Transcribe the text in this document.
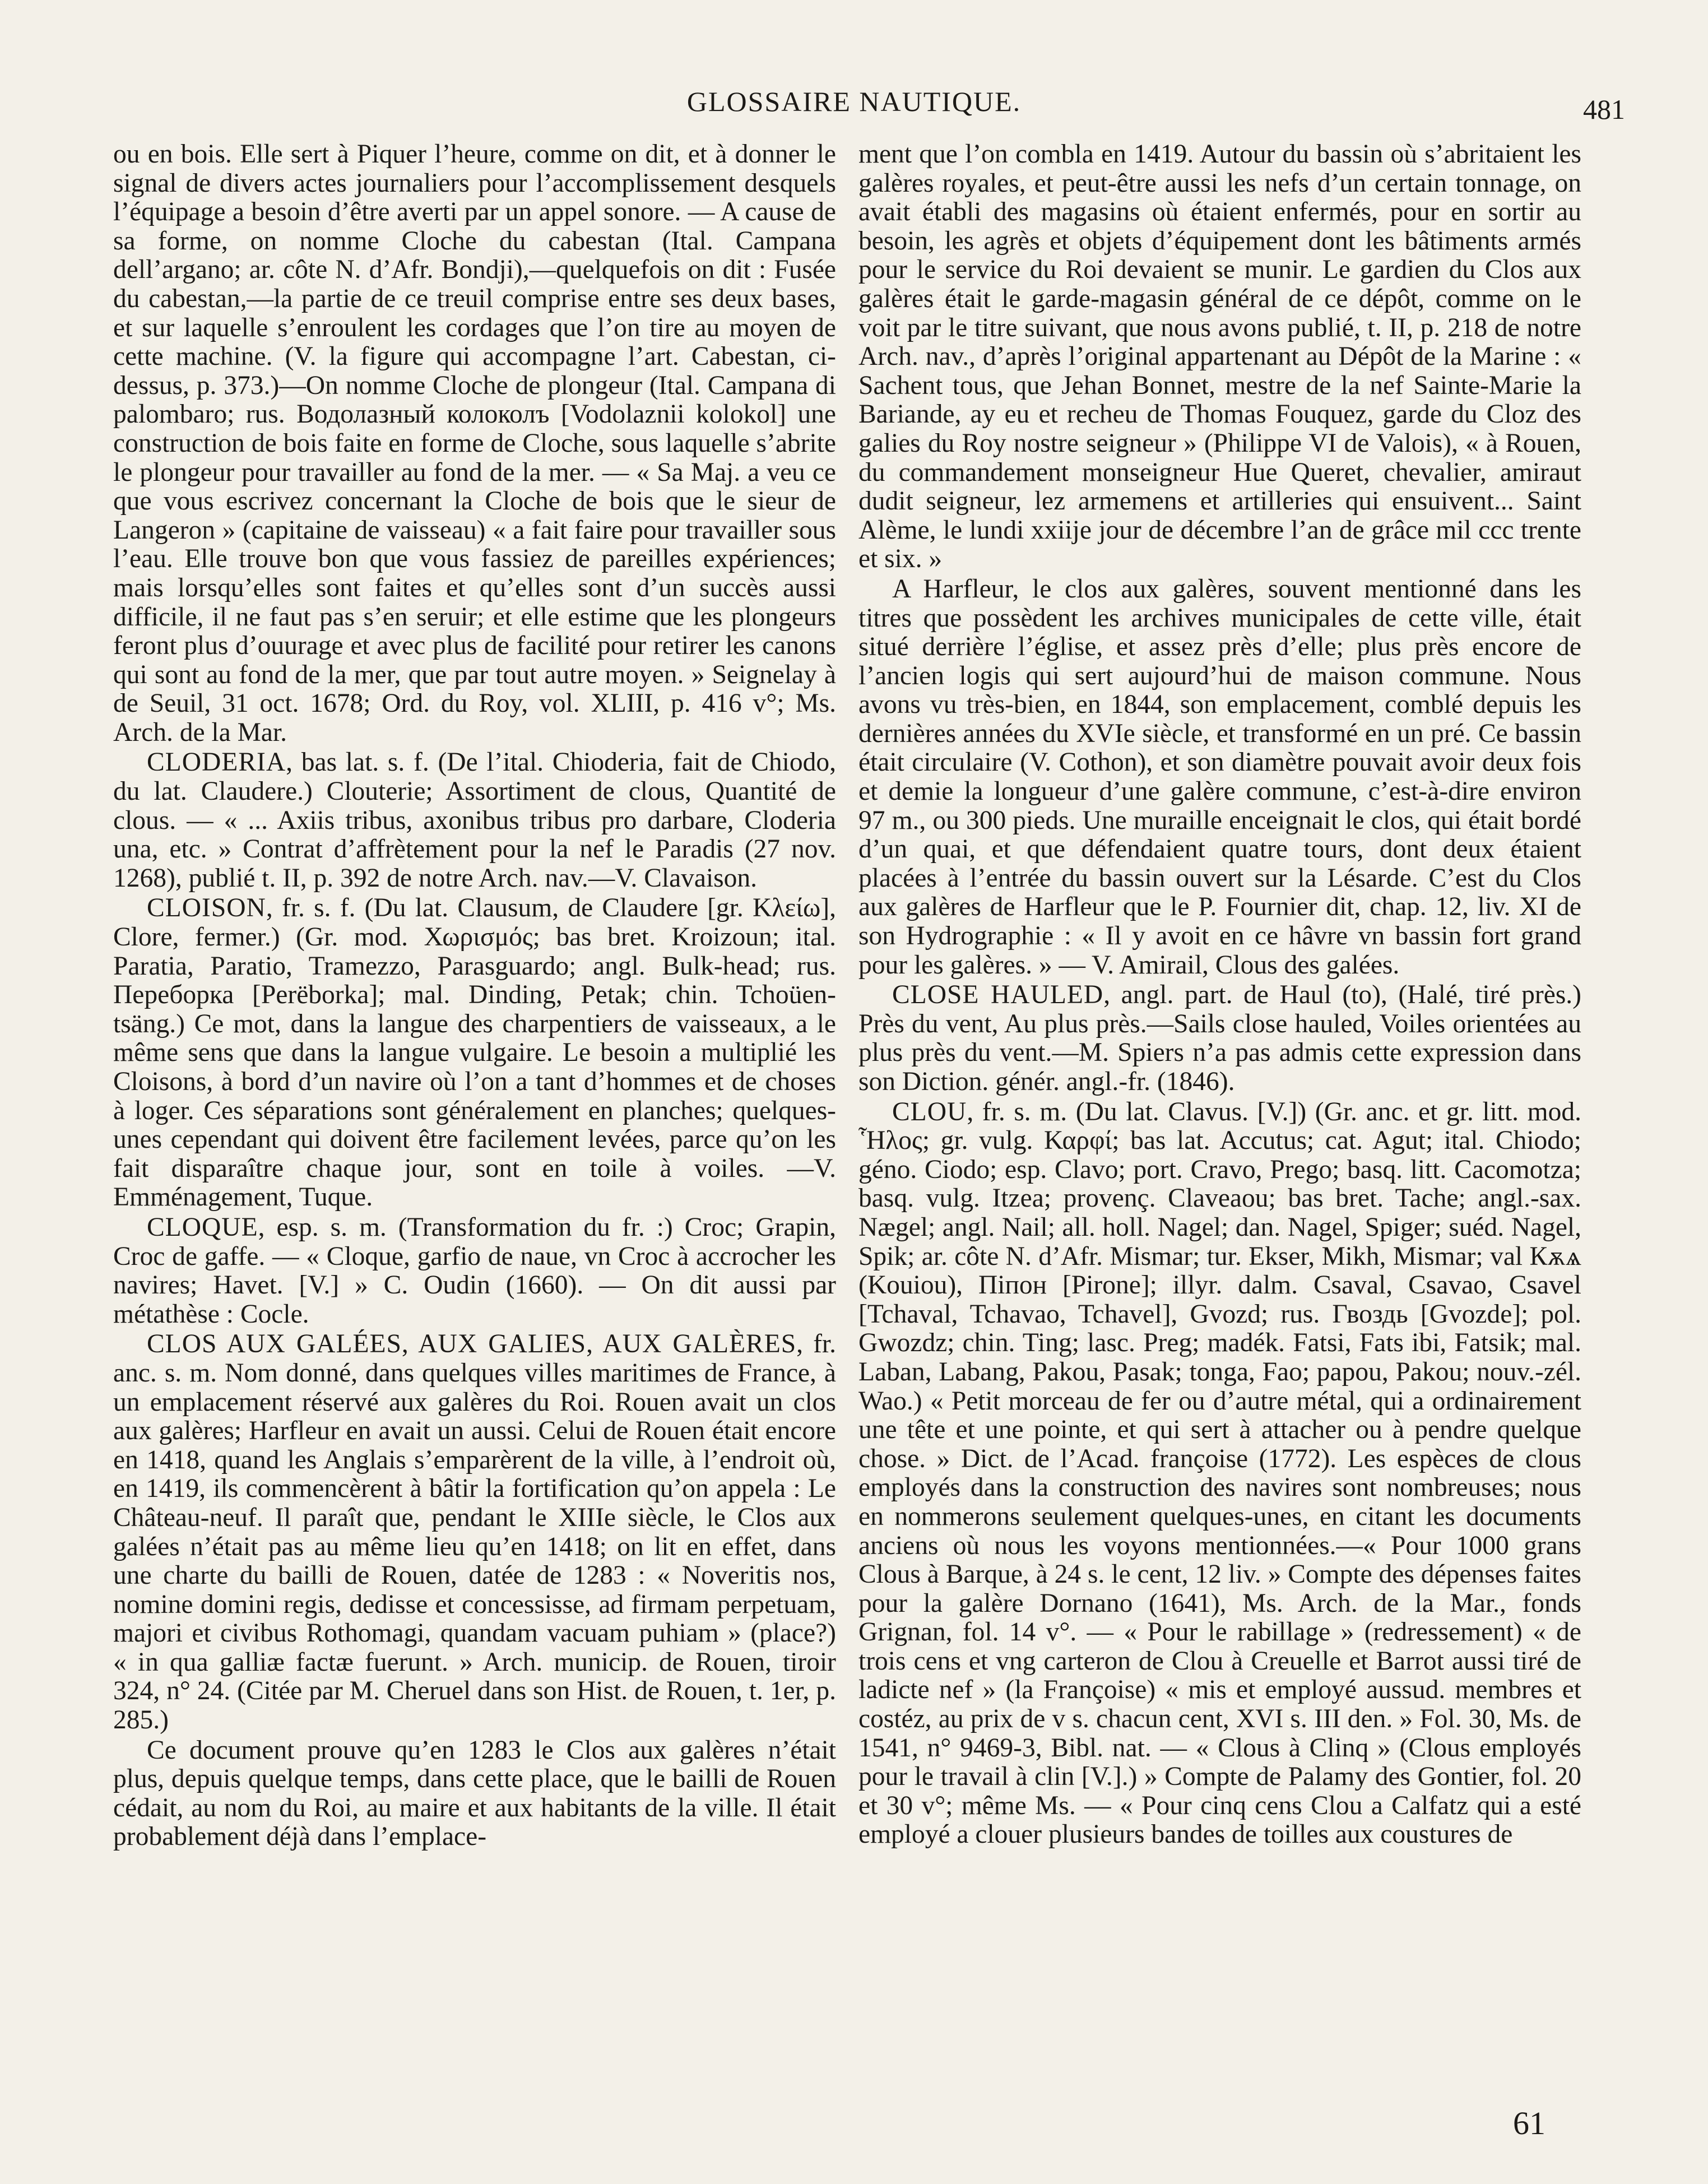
GLOSSAIRE NAUTIQUE.	481

ou en bois. Elle sert à Piquer l’heure, comme on dit, et à donner le signal de divers actes journaliers pour l’accomplissement desquels l’équipage a besoin d’être averti par un appel sonore. — A cause de sa forme, on nomme Cloche du cabestan (Ital. Campana dell’argano; ar. côte N. d’Afr. Bondji),—quelquefois on dit : Fusée du cabestan,—la partie de ce treuil comprise entre ses deux bases, et sur laquelle s’enroulent les cordages que l’on tire au moyen de cette machine. (V. la figure qui accompagne l’art. Cabestan, ci-dessus, p. 373.)—On nomme Cloche de plongeur (Ital. Campana di palombaro; rus. Водолазный колоколъ [Vodolaznii kolokol] une construction de bois faite en forme de Cloche, sous laquelle s’abrite le plongeur pour travailler au fond de la mer. — « Sa Maj. a veu ce que vous escrivez concernant la Cloche de bois que le sieur de Langeron » (capitaine de vaisseau) « a fait faire pour travailler sous l’eau. Elle trouve bon que vous fassiez de pareilles expériences; mais lorsqu’elles sont faites et qu’elles sont d’un succès aussi difficile, il ne faut pas s’en seruir; et elle estime que les plongeurs feront plus d’ouurage et avec plus de facilité pour retirer les canons qui sont au fond de la mer, que par tout autre moyen. » Seignelay à de Seuil, 31 oct. 1678; Ord. du Roy, vol. XLIII, p. 416 v°; Ms. Arch. de la Mar.

CLODERIA, bas lat. s. f. (De l’ital. Chioderia, fait de Chiodo, du lat. Claudere.) Clouterie; Assortiment de clous, Quantité de clous. — « ... Axiis tribus, axonibus tribus pro darbare, Cloderia una, etc. » Contrat d’affrètement pour la nef le Paradis (27 nov. 1268), publié t. II, p. 392 de notre Arch. nav.—V. Clavaison.

CLOISON, fr. s. f. (Du lat. Clausum, de Claudere [gr. Κλείω], Clore, fermer.) (Gr. mod. Χωρισμός; bas bret. Kroizoun; ital. Paratia, Paratio, Tramezzo, Parasguardo; angl. Bulk-head; rus. Переборка [Perëborka]; mal. Dinding, Petak; chin. Tchoüen-tsäng.) Ce mot, dans la langue des charpentiers de vaisseaux, a le même sens que dans la langue vulgaire. Le besoin a multiplié les Cloisons, à bord d’un navire où l’on a tant d’hommes et de choses à loger. Ces séparations sont généralement en planches; quelques-unes cependant qui doivent être facilement levées, parce qu’on les fait disparaître chaque jour, sont en toile à voiles. —V. Emménagement, Tuque.

CLOQUE, esp. s. m. (Transformation du fr. :) Croc; Grapin, Croc de gaffe. — « Cloque, garfio de naue, vn Croc à accrocher les navires; Havet. [V.] » C. Oudin (1660). — On dit aussi par métathèse : Cocle.

CLOS AUX GALÉES, AUX GALIES, AUX GALÈRES, fr. anc. s. m. Nom donné, dans quelques villes maritimes de France, à un emplacement réservé aux galères du Roi. Rouen avait un clos aux galères; Harfleur en avait un aussi. Celui de Rouen était encore en 1418, quand les Anglais s’emparèrent de la ville, à l’endroit où, en 1419, ils commencèrent à bâtir la fortification qu’on appela : Le Château-neuf. Il paraît que, pendant le XIIIe siècle, le Clos aux galées n’était pas au même lieu qu’en 1418; on lit en effet, dans une charte du bailli de Rouen, datée de 1283 : « Noveritis nos, nomine domini regis, dedisse et concessisse, ad firmam perpetuam, majori et civibus Rothomagi, quandam vacuam puhiam » (place?) « in qua galliæ factæ fuerunt. » Arch. municip. de Rouen, tiroir 324, n° 24. (Citée par M. Cheruel dans son Hist. de Rouen, t. 1er, p. 285.)

Ce document prouve qu’en 1283 le Clos aux galères n’était plus, depuis quelque temps, dans cette place, que le bailli de Rouen cédait, au nom du Roi, au maire et aux habitants de la ville. Il était probablement déjà dans l’emplace-

ment que l’on combla en 1419. Autour du bassin où s’abritaient les galères royales, et peut-être aussi les nefs d’un certain tonnage, on avait établi des magasins où étaient enfermés, pour en sortir au besoin, les agrès et objets d’équipement dont les bâtiments armés pour le service du Roi devaient se munir. Le gardien du Clos aux galères était le garde-magasin général de ce dépôt, comme on le voit par le titre suivant, que nous avons publié, t. II, p. 218 de notre Arch. nav., d’après l’original appartenant au Dépôt de la Marine : « Sachent tous, que Jehan Bonnet, mestre de la nef Sainte-Marie la Bariande, ay eu et recheu de Thomas Fouquez, garde du Cloz des galies du Roy nostre seigneur » (Philippe VI de Valois), « à Rouen, du commandement monseigneur Hue Queret, chevalier, amiraut dudit seigneur, lez armemens et artilleries qui ensuivent... Saint Alème, le lundi xxiije jour de décembre l’an de grâce mil ccc trente et six. »

A Harfleur, le clos aux galères, souvent mentionné dans les titres que possèdent les archives municipales de cette ville, était situé derrière l’église, et assez près d’elle; plus près encore de l’ancien logis qui sert aujourd’hui de maison commune. Nous avons vu très-bien, en 1844, son emplacement, comblé depuis les dernières années du XVIe siècle, et transformé en un pré. Ce bassin était circulaire (V. Cothon), et son diamètre pouvait avoir deux fois et demie la longueur d’une galère commune, c’est-à-dire environ 97 m., ou 300 pieds. Une muraille enceignait le clos, qui était bordé d’un quai, et que défendaient quatre tours, dont deux étaient placées à l’entrée du bassin ouvert sur la Lésarde. C’est du Clos aux galères de Harfleur que le P. Fournier dit, chap. 12, liv. XI de son Hydrographie : « Il y avoit en ce hâvre vn bassin fort grand pour les galères. » — V. Amirail, Clous des galées.

CLOSE HAULED, angl. part. de Haul (to), (Halé, tiré près.) Près du vent, Au plus près.—Sails close hauled, Voiles orientées au plus près du vent.—M. Spiers n’a pas admis cette expression dans son Diction. génér. angl.-fr. (1846).

CLOU, fr. s. m. (Du lat. Clavus. [V.]) (Gr. anc. et gr. litt. mod. Ἧλος; gr. vulg. Καρφί; bas lat. Accutus; cat. Agut; ital. Chiodo; géno. Ciodo; esp. Clavo; port. Cravo, Prego; basq. litt. Cacomotza; basq. vulg. Itzea; provenç. Claveaou; bas bret. Tache; angl.-sax. Nægel; angl. Nail; all. holl. Nagel; dan. Nagel, Spiger; suéd. Nagel, Spik; ar. côte N. d’Afr. Mismar; tur. Ekser, Mikh, Mismar; val Кѫѧ (Kouiou), Пiпон [Pirone]; illyr. dalm. Csaval, Csavao, Csavel [Tchaval, Tchavao, Tchavel], Gvozd; rus. Гвоздь [Gvozde]; pol. Gwozdz; chin. Ting; lasc. Preg; madék. Fatsi, Fats ibi, Fatsik; mal. Laban, Labang, Pakou, Pasak; tonga, Fao; papou, Pakou; nouv.-zél. Wao.) « Petit morceau de fer ou d’autre métal, qui a ordinairement une tête et une pointe, et qui sert à attacher ou à pendre quelque chose. » Dict. de l’Acad. françoise (1772). Les espèces de clous employés dans la construction des navires sont nombreuses; nous en nommerons seulement quelques-unes, en citant les documents anciens où nous les voyons mentionnées.—« Pour 1000 grans Clous à Barque, à 24 s. le cent, 12 liv. » Compte des dépenses faites pour la galère Dornano (1641), Ms. Arch. de la Mar., fonds Grignan, fol. 14 v°. — « Pour le rabillage » (redressement) « de trois cens et vng carteron de Clou à Creuelle et Barrot aussi tiré de ladicte nef » (la Françoise) « mis et employé aussud. membres et costéz, au prix de v s. chacun cent, XVI s. III den. » Fol. 30, Ms. de 1541, n° 9469-3, Bibl. nat. — « Clous à Clinq » (Clous employés pour le travail à clin [V.].) » Compte de Palamy des Gontier, fol. 20 et 30 v°; même Ms. — « Pour cinq cens Clou a Calfatz qui a esté employé a clouer plusieurs bandes de toilles aux coustures de

61
